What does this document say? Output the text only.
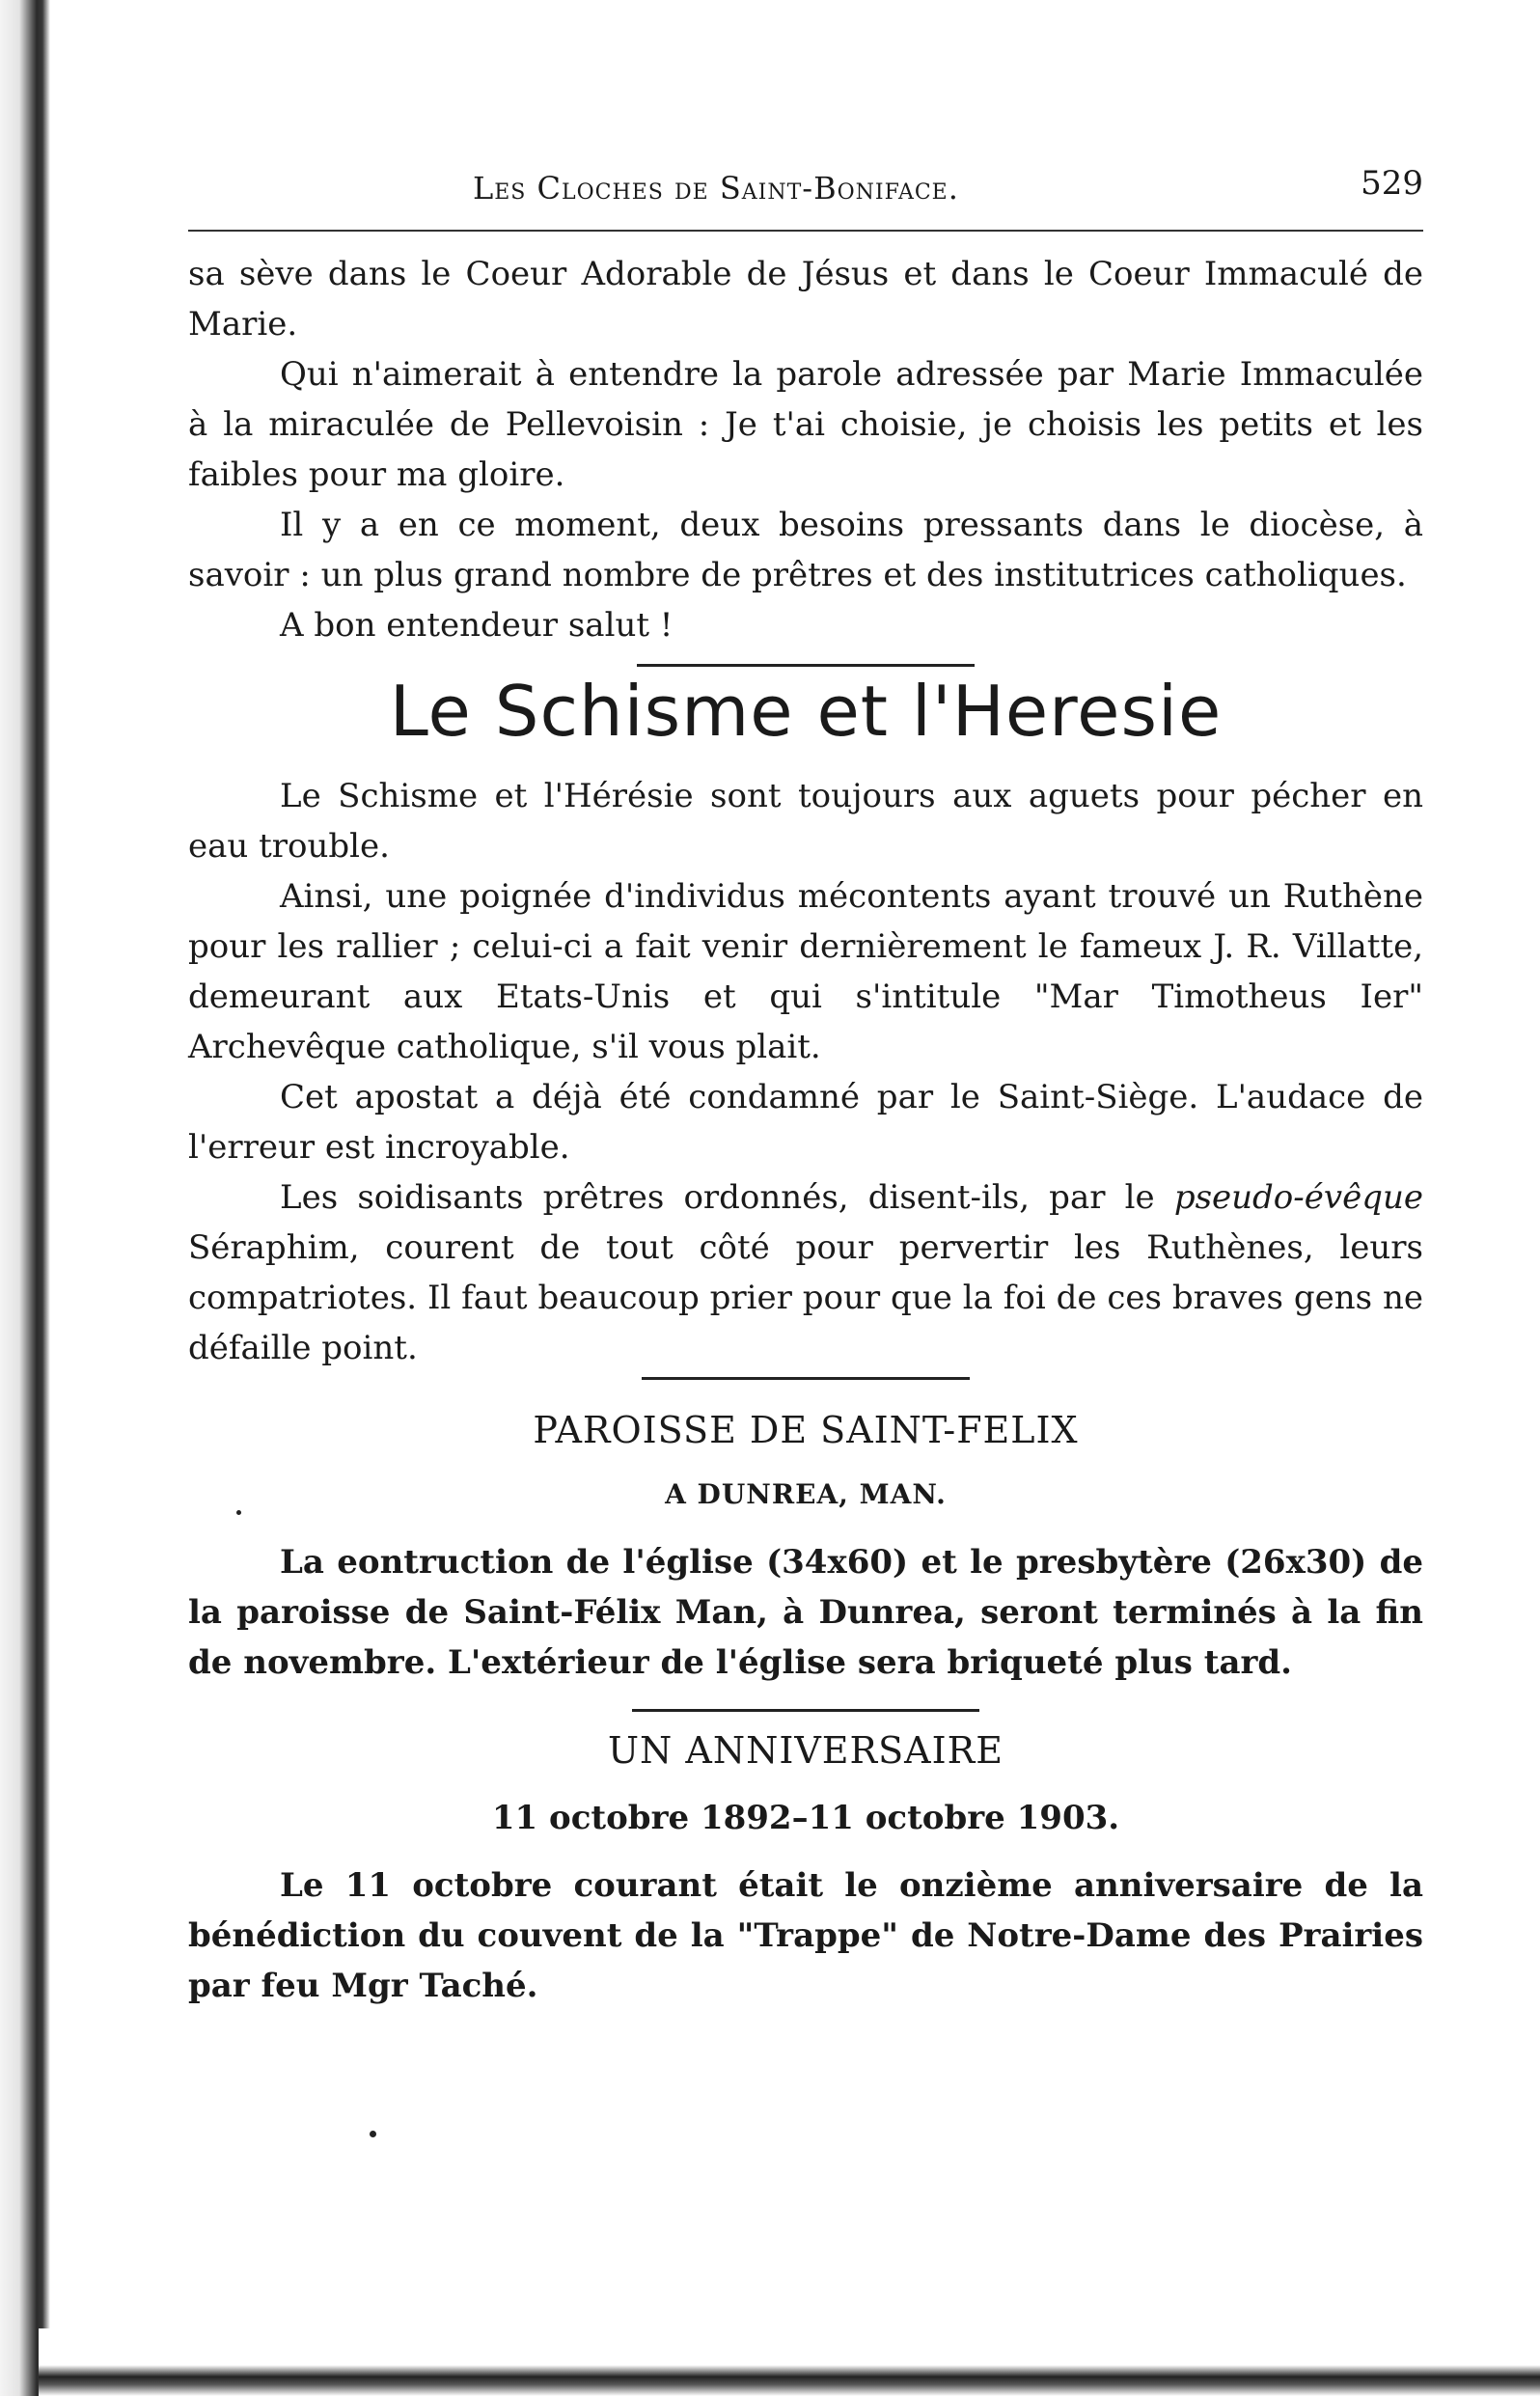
Les Cloches de Saint-Boniface.	529

sa sève dans le Coeur Adorable de Jésus et dans le Coeur Immaculé de Marie.

Qui n'aimerait à entendre la parole adressée par Marie Immaculée à la miraculée de Pellevoisin : Je t'ai choisie, je choisis les petits et les faibles pour ma gloire.

Il y a en ce moment, deux besoins pressants dans le diocèse, à savoir : un plus grand nombre de prêtres et des institutrices catholiques.

A bon entendeur salut !

Le Schisme et l'Heresie

Le Schisme et l'Hérésie sont toujours aux aguets pour pécher en eau trouble.

Ainsi, une poignée d'individus mécontents ayant trouvé un Ruthène pour les rallier ; celui-ci a fait venir dernièrement le fameux J. R. Villatte, demeurant aux Etats-Unis et qui s'intitule "Mar Timotheus Ier" Archevêque catholique, s'il vous plait.

Cet apostat a déjà été condamné par le Saint-Siège. L'audace de l'erreur est incroyable.

Les soidisants prêtres ordonnés, disent-ils, par le pseudo-évêque Séraphim, courent de tout côté pour pervertir les Ruthènes, leurs compatriotes. Il faut beaucoup prier pour que la foi de ces braves gens ne défaille point.

PAROISSE DE SAINT-FELIX
A DUNREA, MAN.

La eontruction de l'église (34x60) et le presbytère (26x30) de la paroisse de Saint-Félix Man, à Dunrea, seront terminés à la fin de novembre. L'extérieur de l'église sera briqueté plus tard.

UN ANNIVERSAIRE
11 octobre 1892–11 octobre 1903.

Le 11 octobre courant était le onzième anniversaire de la bénédiction du couvent de la "Trappe" de Notre-Dame des Prairies par feu Mgr Taché.
